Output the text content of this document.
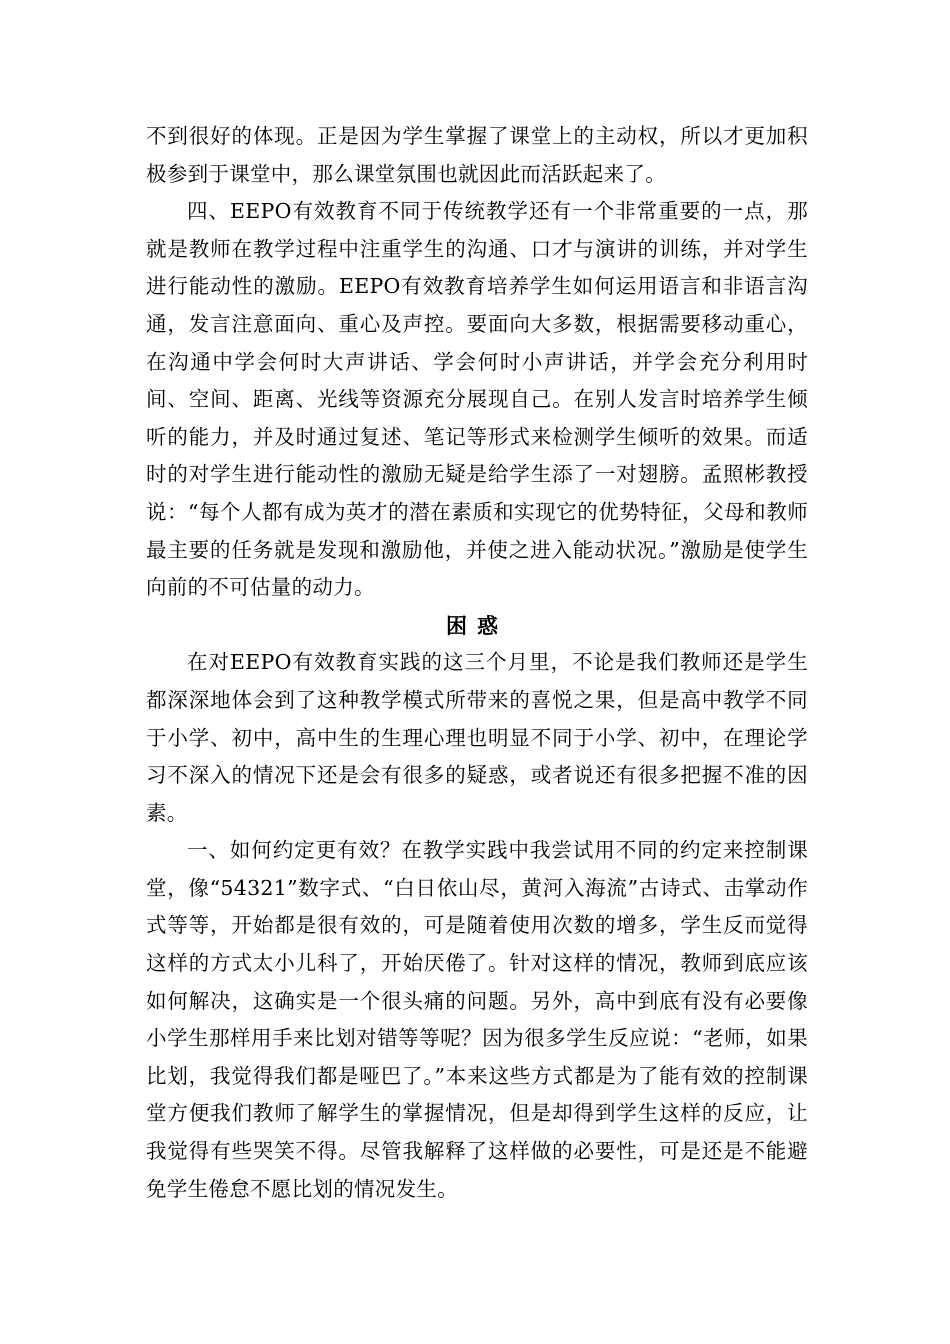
不到很好的体现。正是因为学生掌握了课堂上的主动权，所以才更加积极参到于课堂中，那么课堂氛围也就因此而活跃起来了。

四、EEPO有效教育不同于传统教学还有一个非常重要的一点，那就是教师在教学过程中注重学生的沟通、口才与演讲的训练，并对学生进行能动性的激励。EEPO有效教育培养学生如何运用语言和非语言沟通，发言注意面向、重心及声控。要面向大多数，根据需要移动重心，在沟通中学会何时大声讲话、学会何时小声讲话，并学会充分利用时间、空间、距离、光线等资源充分展现自己。在别人发言时培养学生倾听的能力，并及时通过复述、笔记等形式来检测学生倾听的效果。而适时的对学生进行能动性的激励无疑是给学生添了一对翅膀。孟照彬教授说：“每个人都有成为英才的潜在素质和实现它的优势特征，父母和教师最主要的任务就是发现和激励他，并使之进入能动状况。”激励是使学生向前的不可估量的动力。

困惑

在对EEPO有效教育实践的这三个月里，不论是我们教师还是学生都深深地体会到了这种教学模式所带来的喜悦之果，但是高中教学不同于小学、初中，高中生的生理心理也明显不同于小学、初中，在理论学习不深入的情况下还是会有很多的疑惑，或者说还有很多把握不准的因素。

一、如何约定更有效？在教学实践中我尝试用不同的约定来控制课堂，像“54321”数字式、“白日依山尽，黄河入海流”古诗式、击掌动作式等等，开始都是很有效的，可是随着使用次数的增多，学生反而觉得这样的方式太小儿科了，开始厌倦了。针对这样的情况，教师到底应该如何解决，这确实是一个很头痛的问题。另外，高中到底有没有必要像小学生那样用手来比划对错等等呢？因为很多学生反应说：“老师，如果比划，我觉得我们都是哑巴了。”本来这些方式都是为了能有效的控制课堂方便我们教师了解学生的掌握情况，但是却得到学生这样的反应，让我觉得有些哭笑不得。尽管我解释了这样做的必要性，可是还是不能避免学生倦怠不愿比划的情况发生。
